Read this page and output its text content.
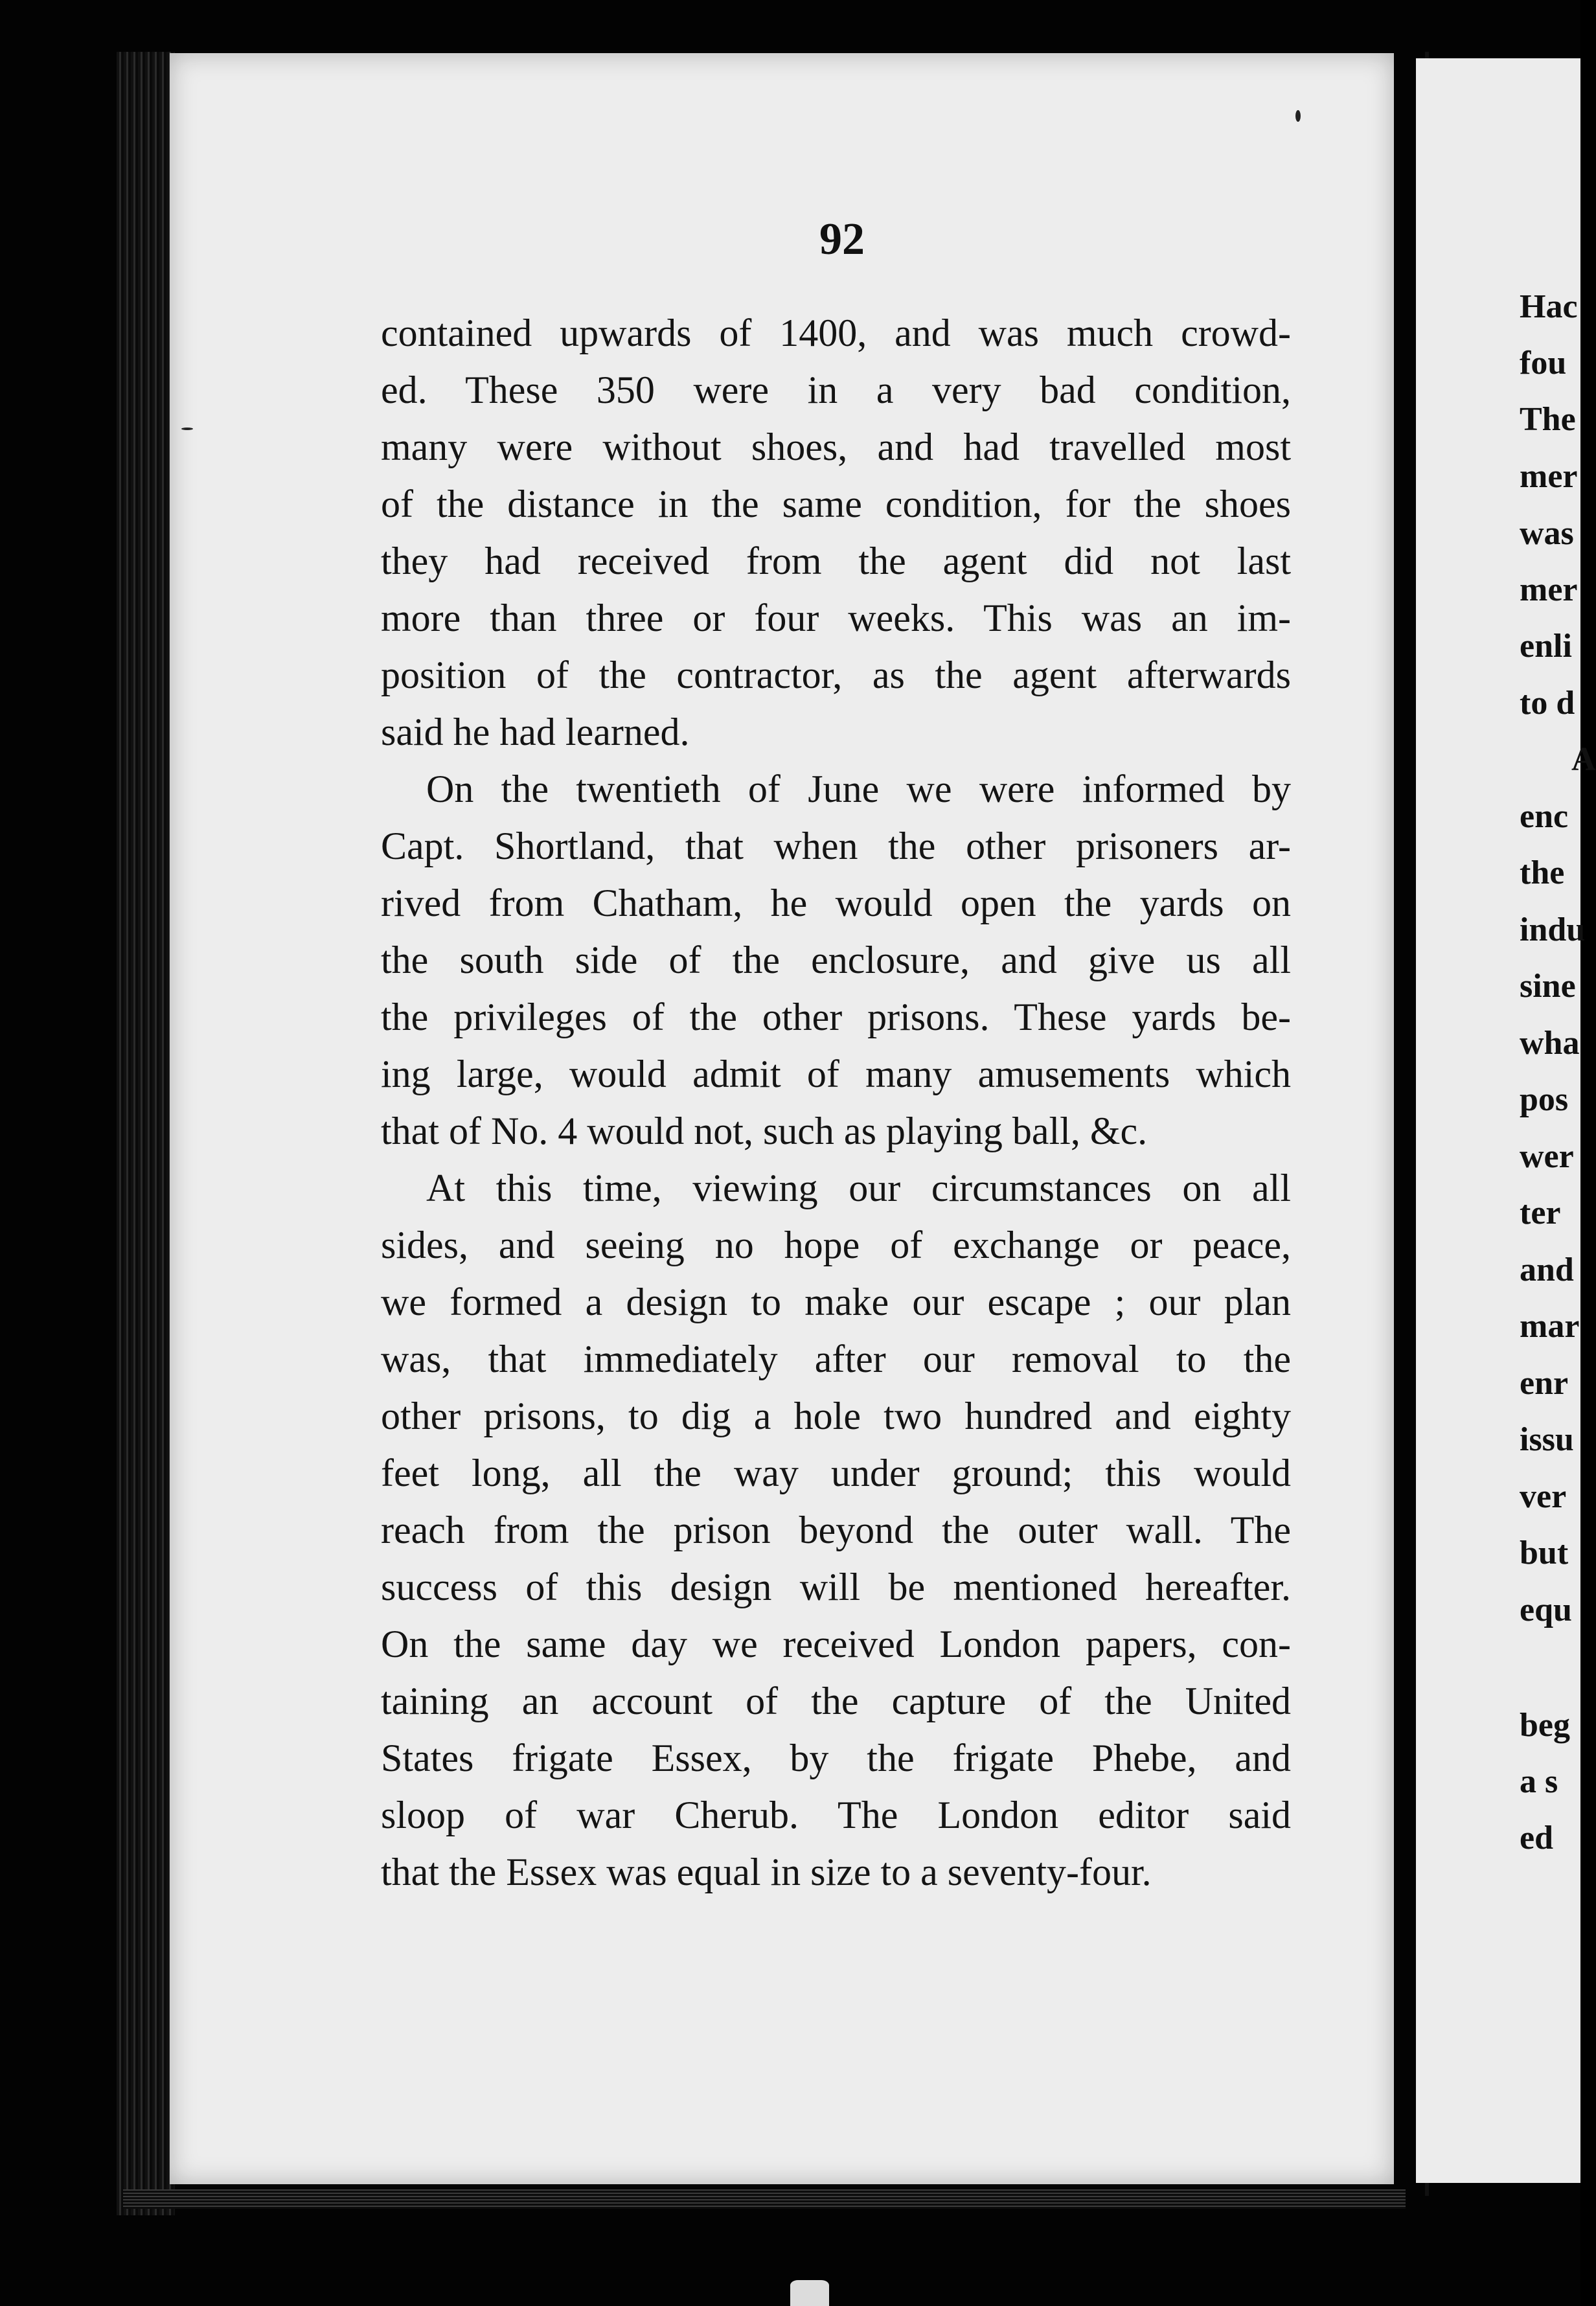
92
contained upwards of 1400, and was much crowd-
ed. These 350 were in a very bad condition,
many were without shoes, and had travelled most
of the distance in the same condition, for the shoes
they had received from the agent did not last
more than three or four weeks. This was an im-
position of the contractor, as the agent afterwards
said he had learned.
On the twentieth of June we were informed by
Capt. Shortland, that when the other prisoners ar-
rived from Chatham, he would open the yards on
the south side of the enclosure, and give us all
the privileges of the other prisons. These yards be-
ing large, would admit of many amusements which
that of No. 4 would not, such as playing ball, &c.
At this time, viewing our circumstances on all
sides, and seeing no hope of exchange or peace,
we formed a design to make our escape ; our plan
was, that immediately after our removal to the
other prisons, to dig a hole two hundred and eighty
feet long, all the way under ground; this would
reach from the prison beyond the outer wall. The
success of this design will be mentioned hereafter.
On the same day we received London papers, con-
taining an account of the capture of the United
States frigate Essex, by the frigate Phebe, and
sloop of war Cherub. The London editor said
that the Essex was equal in size to a seventy-four.
Hac
fou
The
mer
was
mer
enli
to d
A
enc
the
indu
sine
wha
pos
wer
ter
and
mar
enr
issu
ver
but
equ
beg
a s
ed
